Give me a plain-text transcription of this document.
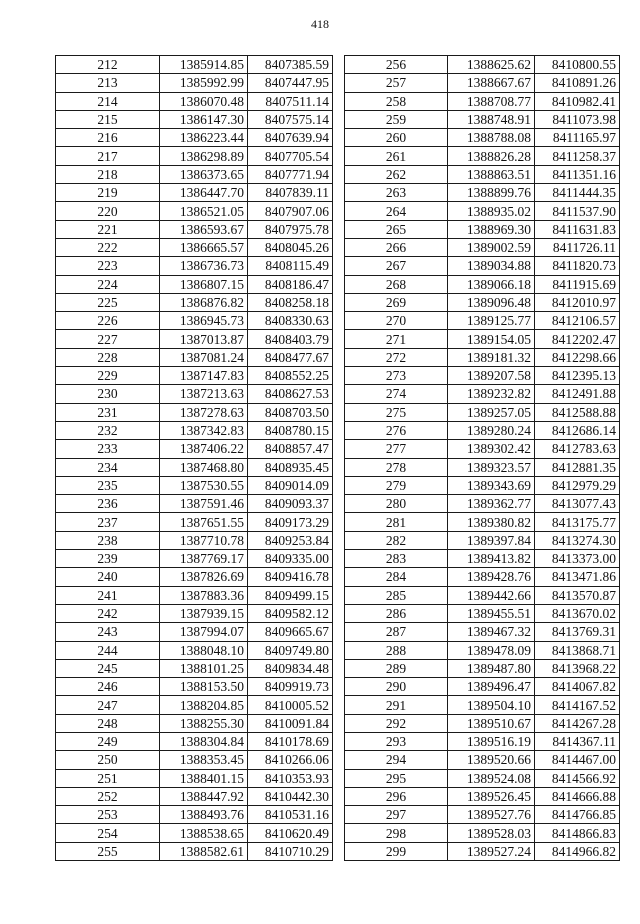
418
212	1385914.85	8407385.59
213	1385992.99	8407447.95
214	1386070.48	8407511.14
215	1386147.30	8407575.14
216	1386223.44	8407639.94
217	1386298.89	8407705.54
218	1386373.65	8407771.94
219	1386447.70	8407839.11
220	1386521.05	8407907.06
221	1386593.67	8407975.78
222	1386665.57	8408045.26
223	1386736.73	8408115.49
224	1386807.15	8408186.47
225	1386876.82	8408258.18
226	1386945.73	8408330.63
227	1387013.87	8408403.79
228	1387081.24	8408477.67
229	1387147.83	8408552.25
230	1387213.63	8408627.53
231	1387278.63	8408703.50
232	1387342.83	8408780.15
233	1387406.22	8408857.47
234	1387468.80	8408935.45
235	1387530.55	8409014.09
236	1387591.46	8409093.37
237	1387651.55	8409173.29
238	1387710.78	8409253.84
239	1387769.17	8409335.00
240	1387826.69	8409416.78
241	1387883.36	8409499.15
242	1387939.15	8409582.12
243	1387994.07	8409665.67
244	1388048.10	8409749.80
245	1388101.25	8409834.48
246	1388153.50	8409919.73
247	1388204.85	8410005.52
248	1388255.30	8410091.84
249	1388304.84	8410178.69
250	1388353.45	8410266.06
251	1388401.15	8410353.93
252	1388447.92	8410442.30
253	1388493.76	8410531.16
254	1388538.65	8410620.49
255	1388582.61	8410710.29
256	1388625.62	8410800.55
257	1388667.67	8410891.26
258	1388708.77	8410982.41
259	1388748.91	8411073.98
260	1388788.08	8411165.97
261	1388826.28	8411258.37
262	1388863.51	8411351.16
263	1388899.76	8411444.35
264	1388935.02	8411537.90
265	1388969.30	8411631.83
266	1389002.59	8411726.11
267	1389034.88	8411820.73
268	1389066.18	8411915.69
269	1389096.48	8412010.97
270	1389125.77	8412106.57
271	1389154.05	8412202.47
272	1389181.32	8412298.66
273	1389207.58	8412395.13
274	1389232.82	8412491.88
275	1389257.05	8412588.88
276	1389280.24	8412686.14
277	1389302.42	8412783.63
278	1389323.57	8412881.35
279	1389343.69	8412979.29
280	1389362.77	8413077.43
281	1389380.82	8413175.77
282	1389397.84	8413274.30
283	1389413.82	8413373.00
284	1389428.76	8413471.86
285	1389442.66	8413570.87
286	1389455.51	8413670.02
287	1389467.32	8413769.31
288	1389478.09	8413868.71
289	1389487.80	8413968.22
290	1389496.47	8414067.82
291	1389504.10	8414167.52
292	1389510.67	8414267.28
293	1389516.19	8414367.11
294	1389520.66	8414467.00
295	1389524.08	8414566.92
296	1389526.45	8414666.88
297	1389527.76	8414766.85
298	1389528.03	8414866.83
299	1389527.24	8414966.82
